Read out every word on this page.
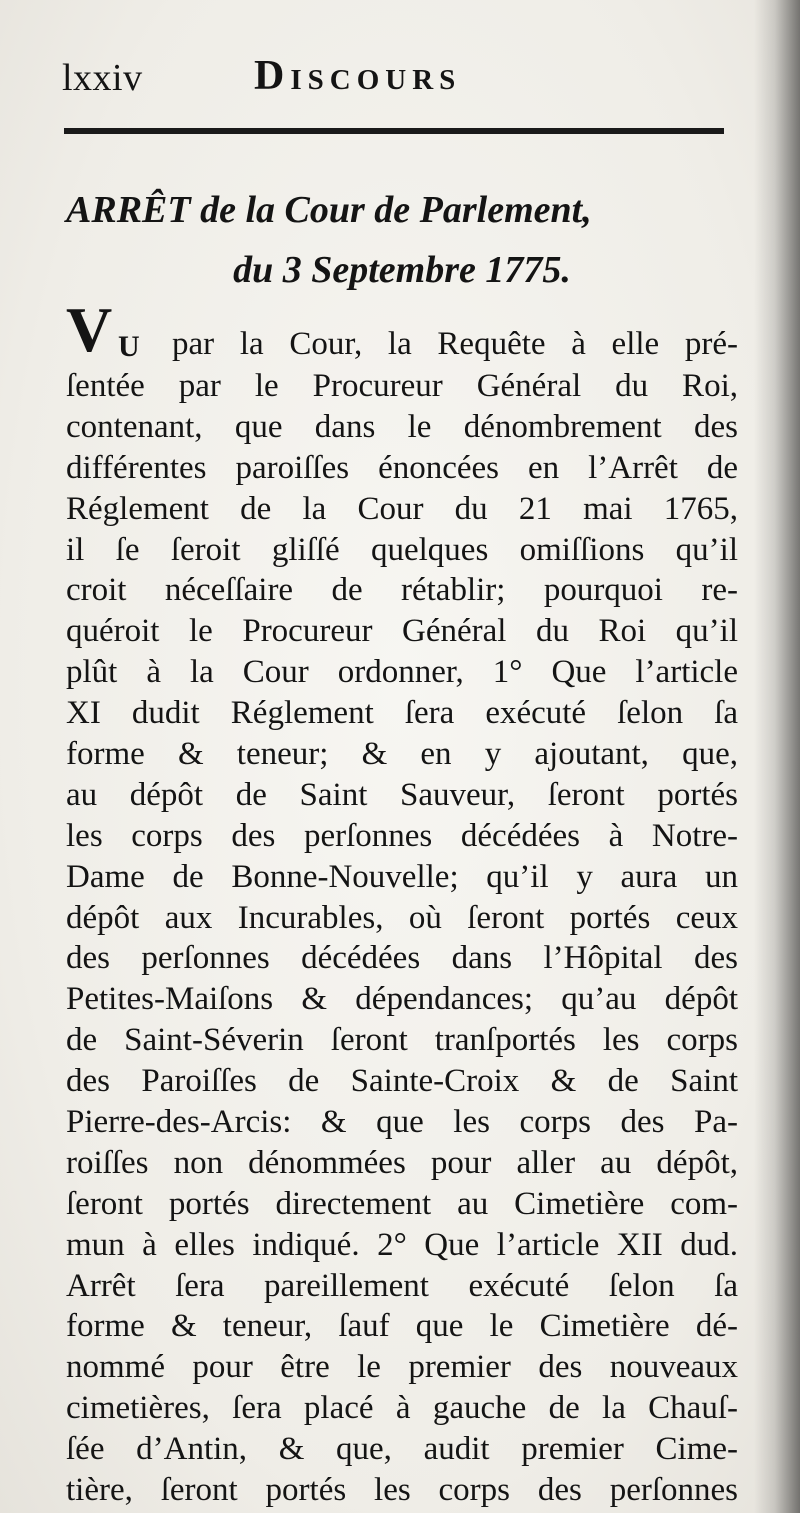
lxxiv	Discours
ARRÊT de la Cour de Parlement,
du 3 Septembre 1775.
V U par la Cour, la Requête à elle pré-
ſentée par le Procureur Général du Roi,
contenant, que dans le dénombrement des
différentes paroiſſes énoncées en l’Arrêt de
Réglement de la Cour du 21 mai 1765,
il ſe ſeroit gliſſé quelques omiſſions qu’il
croit néceſſaire de rétablir; pourquoi re-
quéroit le Procureur Général du Roi qu’il
plût à la Cour ordonner, 1° Que l’article
XI dudit Réglement ſera exécuté ſelon ſa
forme & teneur; & en y ajoutant, que,
au dépôt de Saint Sauveur, ſeront portés
les corps des perſonnes décédées à Notre-
Dame de Bonne-Nouvelle; qu’il y aura un
dépôt aux Incurables, où ſeront portés ceux
des perſonnes décédées dans l’Hôpital des
Petites-Maiſons & dépendances; qu’au dépôt
de Saint-Séverin ſeront tranſportés les corps
des Paroiſſes de Sainte-Croix & de Saint
Pierre-des-Arcis: & que les corps des Pa-
roiſſes non dénommées pour aller au dépôt,
ſeront portés directement au Cimetière com-
mun à elles indiqué. 2° Que l’article XII dud.
Arrêt ſera pareillement exécuté ſelon ſa
forme & teneur, ſauf que le Cimetière dé-
nommé pour être le premier des nouveaux
cimetières, ſera placé à gauche de la Chauſ-
ſée d’Antin, & que, audit premier Cime-
tière, ſeront portés les corps des perſonnes
